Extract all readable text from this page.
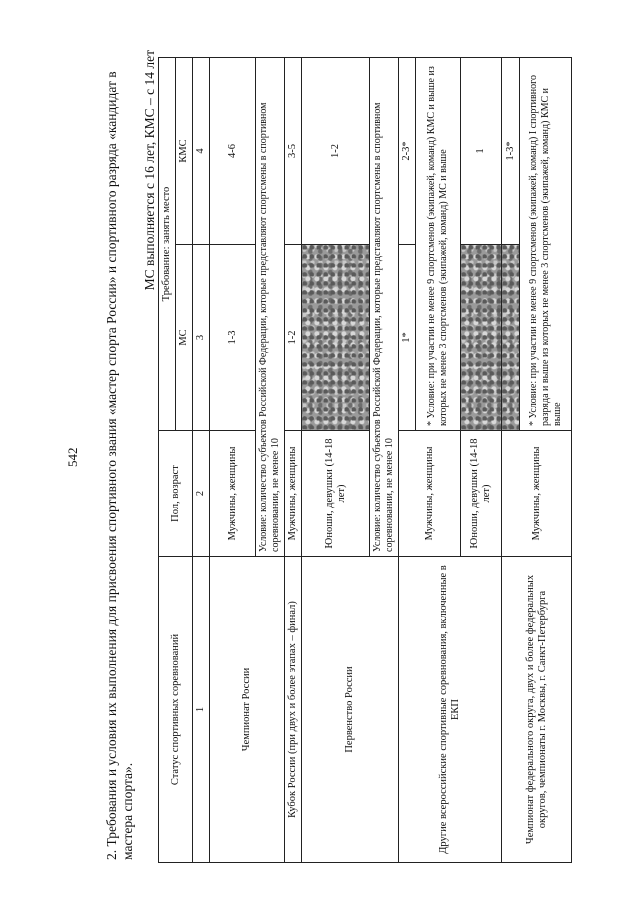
542 2. Требования и условия их выполнения для присвоения спортивного звания «мастер спорта России» и спортивного разряда «кандидат в мастера спорта».
МС выполняется с 16 лет, КМС – с 14 лет
Статус спортивных соревнований	Пол, возраст	Требование: занять место	
		МС	КМС
1	2	3	4
Чемпионат России	Мужчины, женщины	1-3	4-6
	Условие: количество субъектов Российской Федерации, которые представляют спортсмены в спортивном соревновании, не менее 10		
Кубок России (при двух и более этапах – финал)	Мужчины, женщины	1-2	3-5
Первенство России	Юноши, девушки (14-18 лет)		1-2
	Условие: количество субъектов Российской Федерации, которые представляют спортсмены в спортивном соревновании, не менее 10		
Другие всероссийские спортивные соревнования, включенные в ЕКП	Мужчины, женщины	1*	2-3*
		* Условие: при участии не менее 9 спортсменов (экипажей, команд) КМС и выше из которых не менее 3 спортсменов (экипажей, команд) МС и выше	
	Юноши, девушки (14-18 лет)		1
Чемпионат федерального округа, двух и более федеральных округов, чемпионаты г. Москвы, г. Санкт-Петербурга	Мужчины, женщины		1-3*
		* Условие: при участии не менее 9 спортсменов (экипажей, команд) I спортивного разряда и выше из которых не менее 3 спортсменов (экипажей, команд) КМС и выше	
